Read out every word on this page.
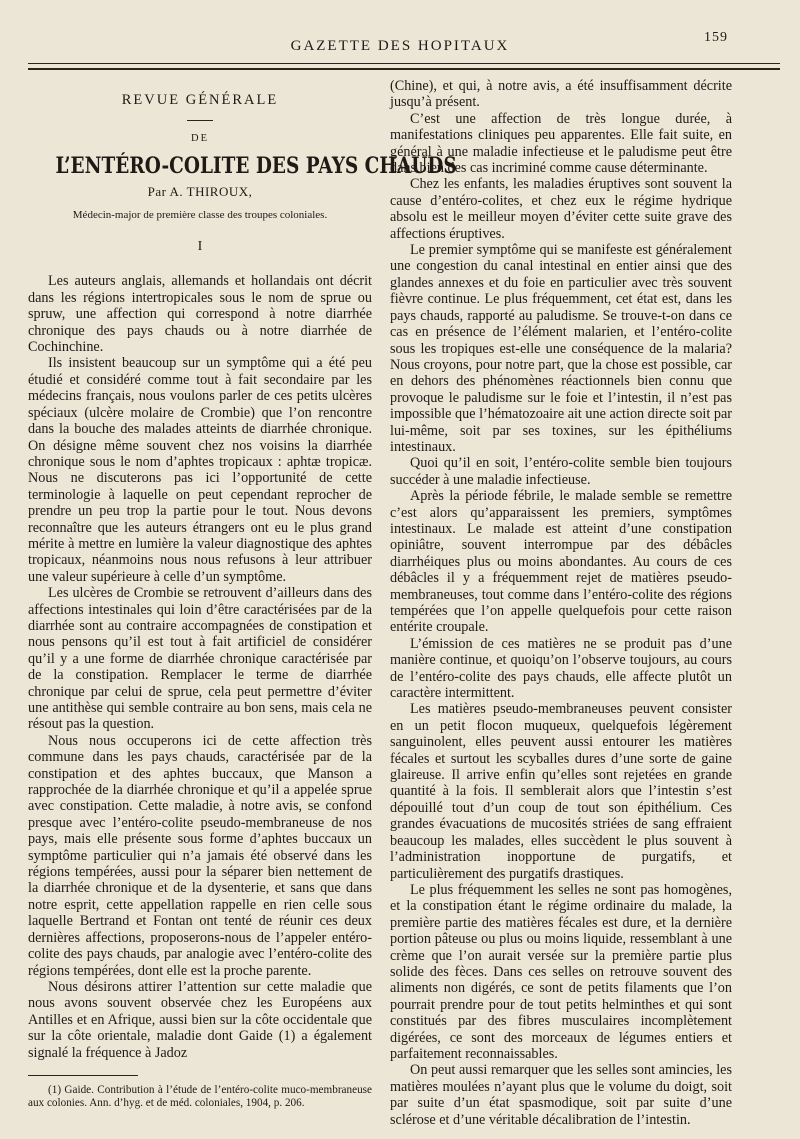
GAZETTE DES HOPITAUX
159
REVUE GÉNÉRALE
DE
L’ENTÉRO-COLITE DES PAYS CHAUDS
Par A. THIROUX,
Médecin-major de première classe des troupes coloniales.
I

Les auteurs anglais, allemands et hollandais ont décrit dans les régions intertropicales sous le nom de sprue ou spruw, une affection qui correspond à notre diarrhée chronique des pays chauds ou à notre diarrhée de Cochinchine.

Ils insistent beaucoup sur un symptôme qui a été peu étudié et considéré comme tout à fait secondaire par les médecins français, nous voulons parler de ces petits ulcères spéciaux (ulcère molaire de Crombie) que l’on rencontre dans la bouche des malades atteints de diarrhée chronique. On désigne même souvent chez nos voisins la diarrhée chronique sous le nom d’aphtes tropicaux : aphtæ tropicæ. Nous ne discuterons pas ici l’opportunité de cette terminologie à laquelle on peut cependant reprocher de prendre un peu trop la partie pour le tout. Nous devons reconnaître que les auteurs étrangers ont eu le plus grand mérite à mettre en lumière la valeur diagnostique des aphtes tropicaux, néanmoins nous nous refusons à leur attribuer une valeur supérieure à celle d’un symptôme.

Les ulcères de Crombie se retrouvent d’ailleurs dans des affections intestinales qui loin d’être caractérisées par de la diarrhée sont au contraire accompagnées de constipation et nous pensons qu’il est tout à fait artificiel de considérer qu’il y a une forme de diarrhée chronique caractérisée par de la constipation. Remplacer le terme de diarrhée chronique par celui de sprue, cela peut permettre d’éviter une antithèse qui semble contraire au bon sens, mais cela ne résout pas la question.

Nous nous occuperons ici de cette affection très commune dans les pays chauds, caractérisée par de la constipation et des aphtes buccaux, que Manson a rapprochée de la diarrhée chronique et qu’il a appelée sprue avec constipation. Cette maladie, à notre avis, se confond presque avec l’entéro-colite pseudo-membraneuse de nos pays, mais elle présente sous forme d’aphtes buccaux un symptôme particulier qui n’a jamais été observé dans les régions tempérées, aussi pour la séparer bien nettement de la diarrhée chronique et de la dysenterie, et sans que dans notre esprit, cette appellation rappelle en rien celle sous laquelle Bertrand et Fontan ont tenté de réunir ces deux dernières affections, proposerons-nous de l’appeler entéro-colite des pays chauds, par analogie avec l’entéro-colite des régions tempérées, dont elle est la proche parente.

Nous désirons attirer l’attention sur cette maladie que nous avons souvent observée chez les Européens aux Antilles et en Afrique, aussi bien sur la côte occidentale que sur la côte orientale, maladie dont Gaide (1) a également signalé la fréquence à Jadoz

(1) Gaide. Contribution à l’étude de l’entéro-colite muco-membraneuse aux colonies. Ann. d’hyg. et de méd. coloniales, 1904, p. 206.

(Chine), et qui, à notre avis, a été insuffisamment décrite jusqu’à présent.

C’est une affection de très longue durée, à manifestations cliniques peu apparentes. Elle fait suite, en général à une maladie infectieuse et le paludisme peut être dans bien des cas incriminé comme cause déterminante.

Chez les enfants, les maladies éruptives sont souvent la cause d’entéro-colites, et chez eux le régime hydrique absolu est le meilleur moyen d’éviter cette suite grave des affections éruptives.

Le premier symptôme qui se manifeste est généralement une congestion du canal intestinal en entier ainsi que des glandes annexes et du foie en particulier avec très souvent fièvre continue. Le plus fréquemment, cet état est, dans les pays chauds, rapporté au paludisme. Se trouve-t-on dans ce cas en présence de l’élément malarien, et l’entéro-colite sous les tropiques est-elle une conséquence de la malaria? Nous croyons, pour notre part, que la chose est possible, car en dehors des phénomènes réactionnels bien connu que provoque le paludisme sur le foie et l’intestin, il n’est pas impossible que l’hématozoaire ait une action directe soit par lui-même, soit par ses toxines, sur les épithéliums intestinaux.

Quoi qu’il en soit, l’entéro-colite semble bien toujours succéder à une maladie infectieuse.

Après la période fébrile, le malade semble se remettre c’est alors qu’apparaissent les premiers, symptômes intestinaux. Le malade est atteint d’une constipation opiniâtre, souvent interrompue par des débâcles diarrhéiques plus ou moins abondantes. Au cours de ces débâcles il y a fréquemment rejet de matières pseudo-membraneuses, tout comme dans l’entéro-colite des régions tempérées que l’on appelle quelquefois pour cette raison entérite croupale.

L’émission de ces matières ne se produit pas d’une manière continue, et quoiqu’on l’observe toujours, au cours de l’entéro-colite des pays chauds, elle affecte plutôt un caractère intermittent.

Les matières pseudo-membraneuses peuvent consister en un petit flocon muqueux, quelquefois légèrement sanguinolent, elles peuvent aussi entourer les matières fécales et surtout les scyballes dures d’une sorte de gaine glaireuse. Il arrive enfin qu’elles sont rejetées en grande quantité à la fois. Il semblerait alors que l’intestin s’est dépouillé tout d’un coup de tout son épithélium. Ces grandes évacuations de mucosités striées de sang effraient beaucoup les malades, elles succèdent le plus souvent à l’administration inopportune de purgatifs, et particulièrement des purgatifs drastiques.

Le plus fréquemment les selles ne sont pas homogènes, et la constipation étant le régime ordinaire du malade, la première partie des matières fécales est dure, et la dernière portion pâteuse ou plus ou moins liquide, ressemblant à une crème que l’on aurait versée sur la première partie plus solide des fèces. Dans ces selles on retrouve souvent des aliments non digérés, ce sont de petits filaments que l’on pourrait prendre pour de tout petits helminthes et qui sont constitués par des fibres musculaires incomplètement digérées, ce sont des morceaux de légumes entiers et parfaitement reconnaissables.

On peut aussi remarquer que les selles sont amincies, les matières moulées n’ayant plus que le volume du doigt, soit par suite d’un état spasmodique, soit par suite d’une sclérose et d’une véritable décalibration de l’intestin.
